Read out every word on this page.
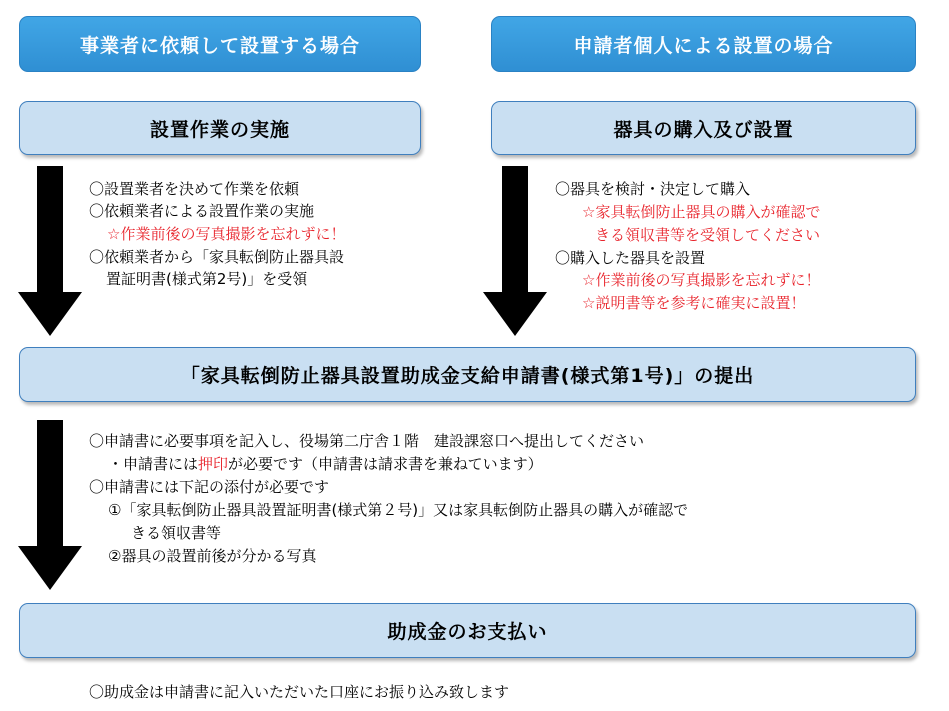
事業者に依頼して設置する場合	申請者個人による設置の場合
設置作業の実施	器具の購入及び設置
〇設置業者を決めて作業を依頼
〇依頼業者による設置作業の実施
☆作業前後の写真撮影を忘れずに！
〇依頼業者から「家具転倒防止器具設
置証明書(様式第2号)」を受領
〇器具を検討・決定して購入
☆家具転倒防止器具の購入が確認で
きる領収書等を受領してください
〇購入した器具を設置
☆作業前後の写真撮影を忘れずに！
☆説明書等を参考に確実に設置！
「家具転倒防止器具設置助成金支給申請書(様式第1号)」の提出
〇申請書に必要事項を記入し、役場第二庁舎１階　建設課窓口へ提出してください
・申請書には押印が必要です（申請書は請求書を兼ねています）
〇申請書には下記の添付が必要です
①「家具転倒防止器具設置証明書(様式第２号)」又は家具転倒防止器具の購入が確認で
きる領収書等
②器具の設置前後が分かる写真
助成金のお支払い
〇助成金は申請書に記入いただいた口座にお振り込み致します
